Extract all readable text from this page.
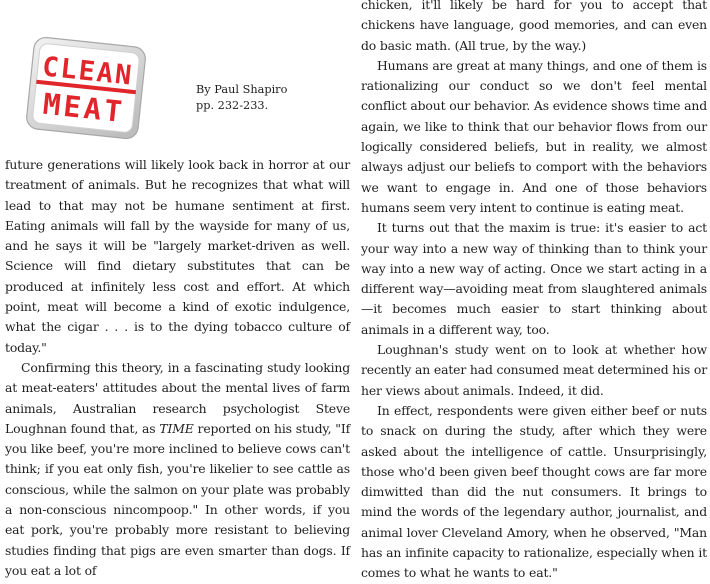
CLEAN
MEAT	By Paul Shapiro
pp. 232-233.

future generations will likely look back in horror at our treatment of animals. But he recognizes that what will lead to that may not be humane sentiment at first. Eating animals will fall by the wayside for many of us, and he says it will be "largely market-driven as well. Science will find dietary substitutes that can be produced at infinitely less cost and effort. At which point, meat will become a kind of exotic indulgence, what the cigar . . . is to the dying tobacco culture of today."

Confirming this theory, in a fascinating study looking at meat-eaters' attitudes about the mental lives of farm animals, Australian research psychologist Steve Loughnan found that, as TIME reported on his study, "If you like beef, you're more inclined to believe cows can't think; if you eat only fish, you're likelier to see cattle as conscious, while the salmon on your plate was probably a non-conscious nincompoop." In other words, if you eat pork, you're probably more resistant to believing studies finding that pigs are even smarter than dogs. If you eat a lot of

chicken, it'll likely be hard for you to accept that chickens have language, good memories, and can even do basic math. (All true, by the way.)

Humans are great at many things, and one of them is rationalizing our conduct so we don't feel mental conflict about our behavior. As evidence shows time and again, we like to think that our behavior flows from our logically considered beliefs, but in reality, we almost always adjust our beliefs to comport with the behaviors we want to engage in. And one of those behaviors humans seem very intent to continue is eating meat.

It turns out that the maxim is true: it's easier to act your way into a new way of thinking than to think your way into a new way of acting. Once we start acting in a different way—avoiding meat from slaughtered animals—it becomes much easier to start thinking about animals in a different way, too.

Loughnan's study went on to look at whether how recently an eater had consumed meat determined his or her views about animals. Indeed, it did.

In effect, respondents were given either beef or nuts to snack on during the study, after which they were asked about the intelligence of cattle. Unsurprisingly, those who'd been given beef thought cows are far more dimwitted than did the nut consumers. It brings to mind the words of the legendary author, journalist, and animal lover Cleveland Amory, when he observed, "Man has an infinite capacity to rationalize, especially when it comes to what he wants to eat."
